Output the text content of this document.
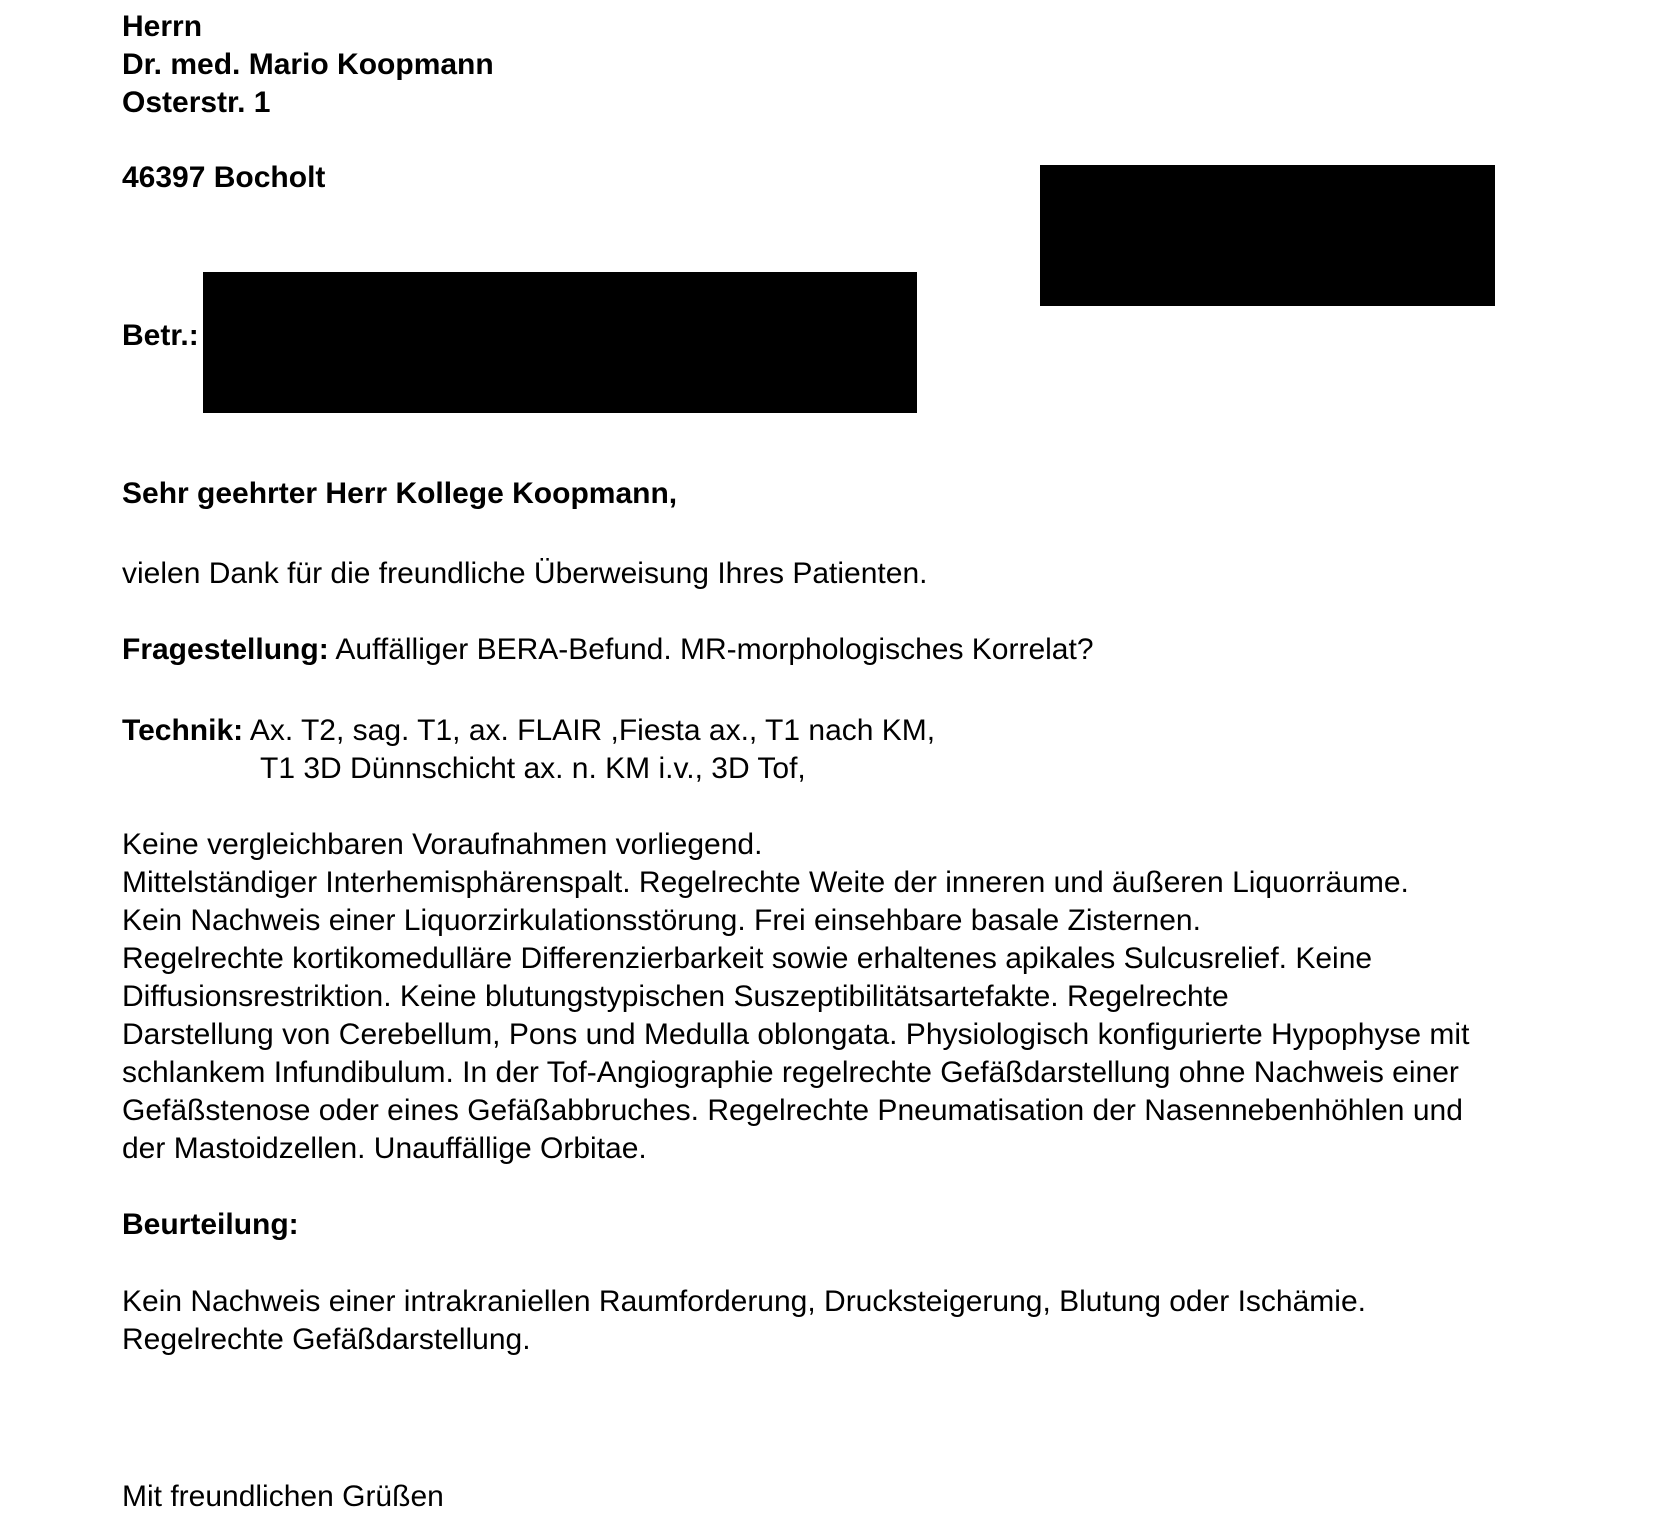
Herrn
Dr. med. Mario Koopmann
Osterstr. 1
46397 Bocholt
Betr.:
Sehr geehrter Herr Kollege Koopmann,
vielen Dank für die freundliche Überweisung Ihres Patienten.
Fragestellung: Auffälliger BERA-Befund. MR-morphologisches Korrelat?
Technik: Ax. T2, sag. T1, ax. FLAIR ,Fiesta ax., T1 nach KM,
T1 3D Dünnschicht ax. n. KM i.v., 3D Tof,
Keine vergleichbaren Voraufnahmen vorliegend.
Mittelständiger Interhemisphärenspalt. Regelrechte Weite der inneren und äußeren Liquorräume.
Kein Nachweis einer Liquorzirkulationsstörung. Frei einsehbare basale Zisternen.
Regelrechte kortikomedulläre Differenzierbarkeit sowie erhaltenes apikales Sulcusrelief. Keine
Diffusionsrestriktion. Keine blutungstypischen Suszeptibilitätsartefakte. Regelrechte
Darstellung von Cerebellum, Pons und Medulla oblongata. Physiologisch konfigurierte Hypophyse mit
schlankem Infundibulum. In der Tof-Angiographie regelrechte Gefäßdarstellung ohne Nachweis einer
Gefäßstenose oder eines Gefäßabbruches. Regelrechte Pneumatisation der Nasennebenhöhlen und
der Mastoidzellen. Unauffällige Orbitae.
Beurteilung:
Kein Nachweis einer intrakraniellen Raumforderung, Drucksteigerung, Blutung oder Ischämie.
Regelrechte Gefäßdarstellung.
Mit freundlichen Grüßen
